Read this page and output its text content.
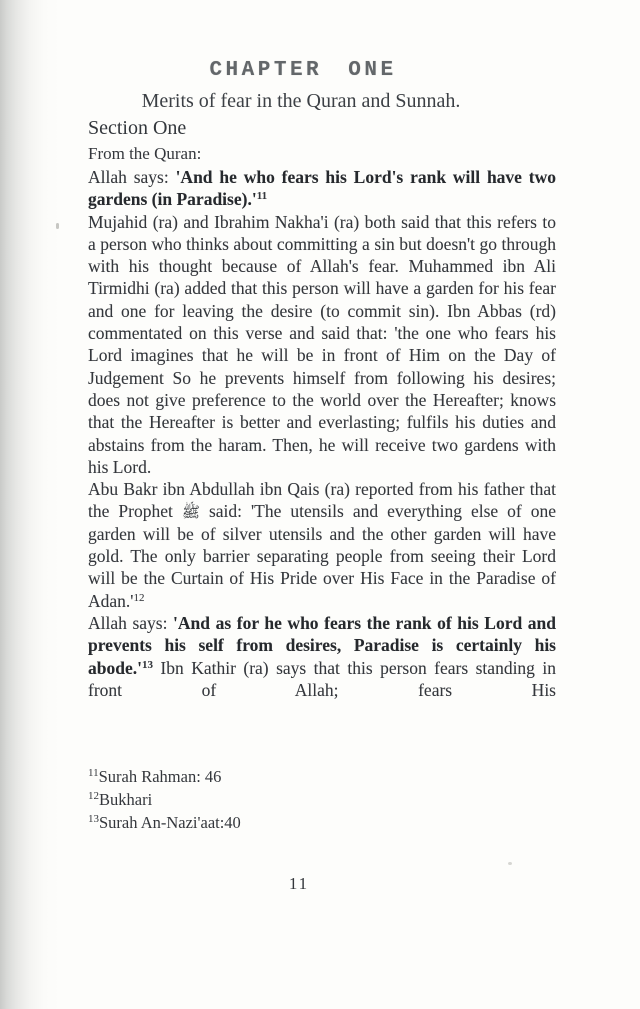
CHAPTER ONE
Merits of fear in the Quran and Sunnah.
Section One
From the Quran:

Allah says: 'And he who fears his Lord's rank will have two gardens (in $Paradise).'^{11}$

Mujahid (ra) and Ibrahim Nakha'i (ra) both said that this refers to a person who thinks about committing a sin but doesn't go through with his thought because of Allah's fear. Muhammed ibn Ali Tirmidhi (ra) added that this person will have a garden for his fear and one for leaving the desire (to commit sin). Ibn Abbas (rd) commentated on this verse and said that: 'the one who fears his Lord imagines that he will be in front of Him on the Day of Judgement So he prevents himself from following his desires; does not give preference to the world over the Hereafter; knows that the Hereafter is better and everlasting; fulfils his duties and abstains from the haram. Then, he will receive two gardens with his Lord.

Abu Bakr ibn Abdullah ibn Qais (ra) reported from his father that the Prophet ﷺ said: 'The utensils and everything else of one garden will be of silver utensils and the other garden will have gold. The only barrier separating people from seeing their Lord will be the Curtain of His Pride over His Face in the Paradise of $Adan.'^{12}$

Allah says: 'And as for he who fears the rank of his Lord and prevents his self from desires, Paradise is certainly his $abode.'^{13}$ Ibn Kathir (ra) says that this person fears standing in front of Allah; fears His

$^{11}$Surah Rahman: 46
$^{12}$Bukhari
$^{13}$Surah An-Nazi'aat:40
11
